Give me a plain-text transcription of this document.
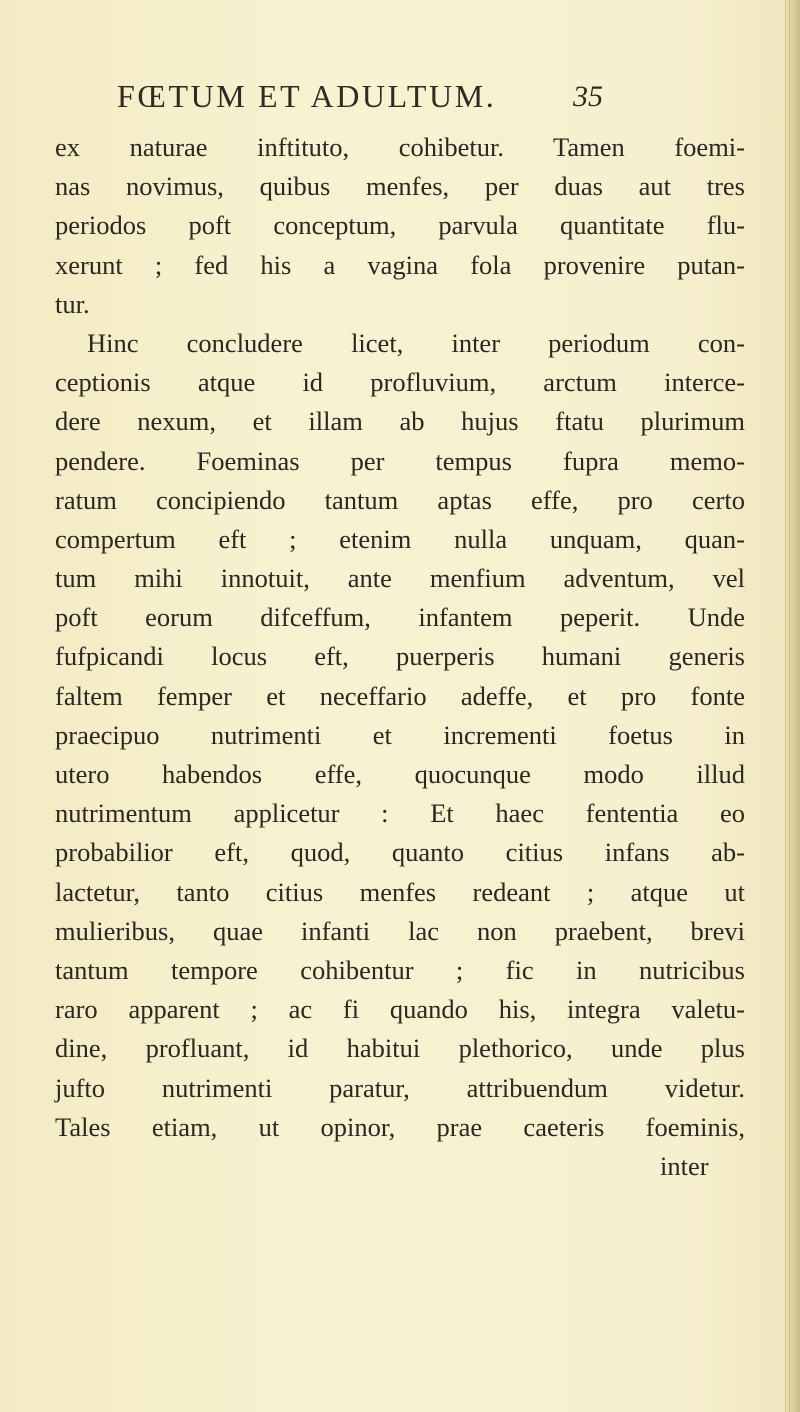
FŒTUM ET ADULTUM.	35
ex naturae inftituto, cohibetur. Tamen foemi-
nas novimus, quibus menfes, per duas aut tres
periodos poft conceptum, parvula quantitate flu-
xerunt ; fed his a vagina fola provenire putan-
tur.
Hinc concludere licet, inter periodum con-
ceptionis atque id profluvium, arctum interce-
dere nexum, et illam ab hujus ftatu plurimum
pendere. Foeminas per tempus fupra memo-
ratum concipiendo tantum aptas effe, pro certo
compertum eft ; etenim nulla unquam, quan-
tum mihi innotuit, ante menfium adventum, vel
poft eorum difceffum, infantem peperit. Unde
fufpicandi locus eft, puerperis humani generis
faltem femper et neceffario adeffe, et pro fonte
praecipuo nutrimenti et incrementi foetus in
utero habendos effe, quocunque modo illud
nutrimentum applicetur : Et haec fententia eo
probabilior eft, quod, quanto citius infans ab-
lactetur, tanto citius menfes redeant ; atque ut
mulieribus, quae infanti lac non praebent, brevi
tantum tempore cohibentur ; fic in nutricibus
raro apparent ; ac fi quando his, integra valetu-
dine, profluant, id habitui plethorico, unde plus
jufto nutrimenti paratur, attribuendum videtur.
Tales etiam, ut opinor, prae caeteris foeminis,
inter
